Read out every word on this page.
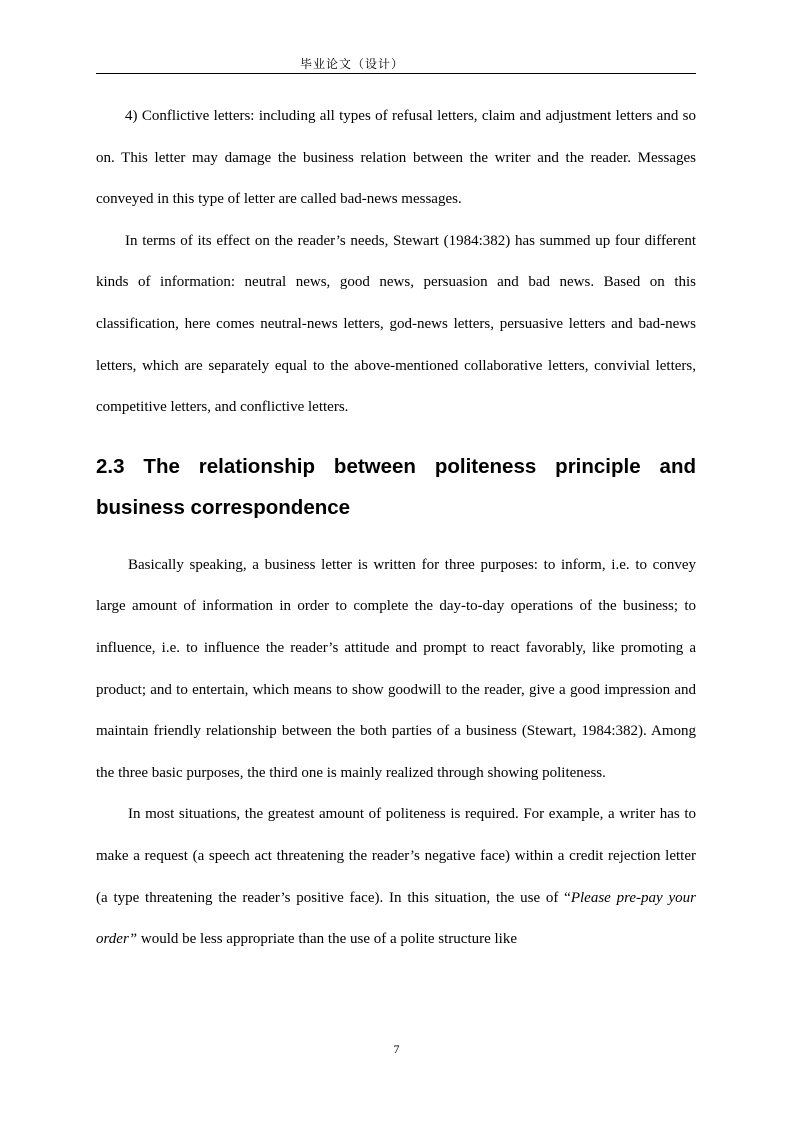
毕业论文（设计）

4) Conflictive letters: including all types of refusal letters, claim and adjustment letters and so on. This letter may damage the business relation between the writer and the reader. Messages conveyed in this type of letter are called bad-news messages.

In terms of its effect on the reader’s needs, Stewart (1984:382) has summed up four different kinds of information: neutral news, good news, persuasion and bad news. Based on this classification, here comes neutral-news letters, god-news letters, persuasive letters and bad-news letters, which are separately equal to the above-mentioned collaborative letters, convivial letters, competitive letters, and conflictive letters.

2.3 The relationship between politeness principle and business correspondence

Basically speaking, a business letter is written for three purposes: to inform, i.e. to convey large amount of information in order to complete the day-to-day operations of the business; to influence, i.e. to influence the reader’s attitude and prompt to react favorably, like promoting a product; and to entertain, which means to show goodwill to the reader, give a good impression and maintain friendly relationship between the both parties of a business (Stewart, 1984:382). Among the three basic purposes, the third one is mainly realized through showing politeness.

In most situations, the greatest amount of politeness is required. For example, a writer has to make a request (a speech act threatening the reader’s negative face) within a credit rejection letter (a type threatening the reader’s positive face). In this situation, the use of “Please pre-pay your order” would be less appropriate than the use of a polite structure like

7
